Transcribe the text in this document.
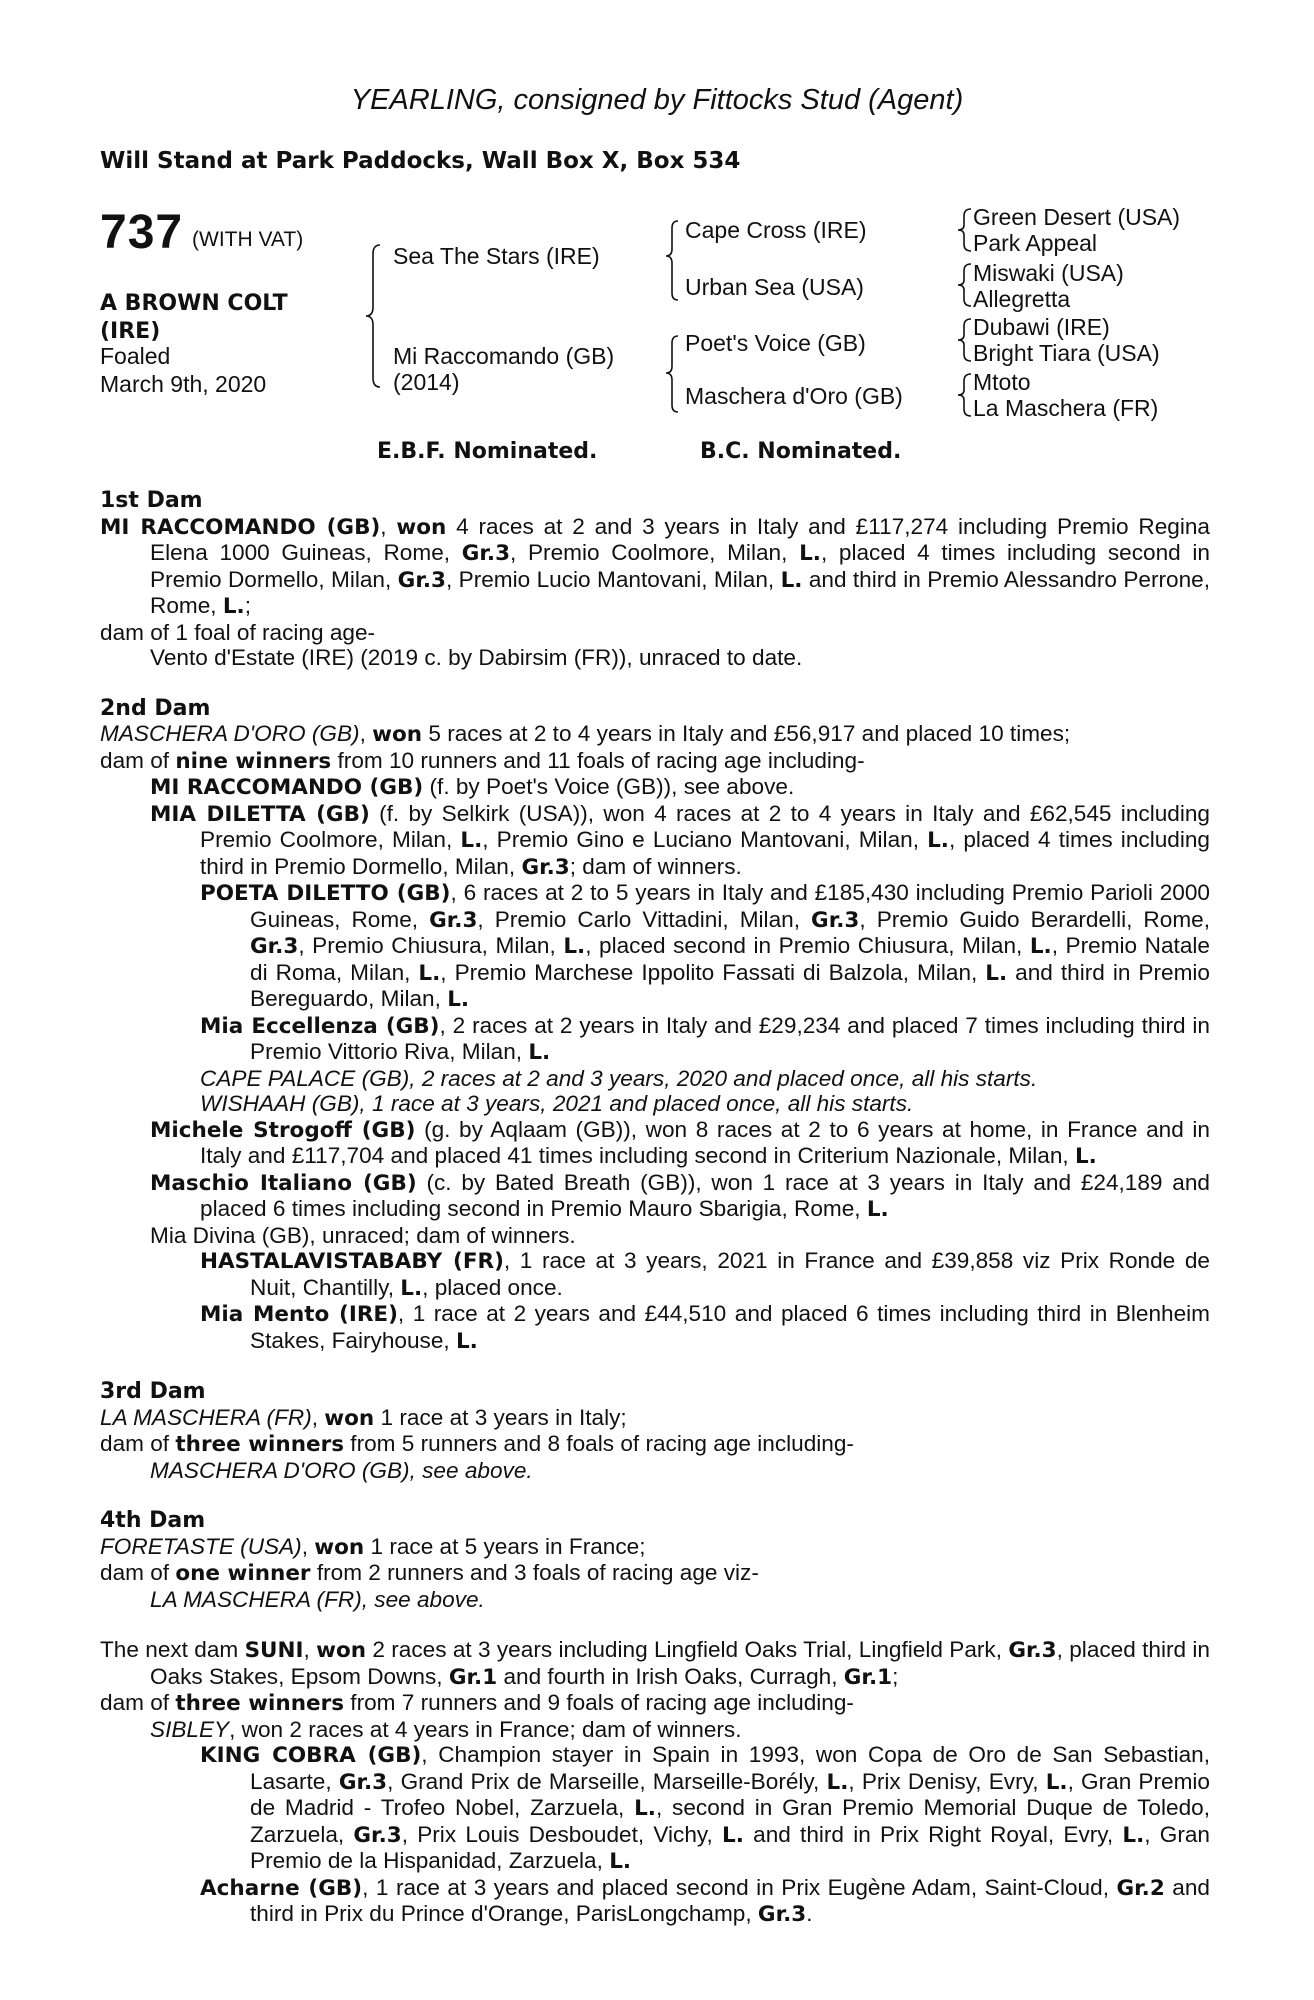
YEARLING, consigned by Fittocks Stud (Agent)
Will Stand at Park Paddocks, Wall Box X, Box 534
737 (WITH VAT)
A BROWN COLT
(IRE)
Foaled
March 9th, 2020
Sea The Stars (IRE)
Mi Raccomando (GB)
(2014)
Cape Cross (IRE)
Urban Sea (USA)
Poet's Voice (GB)
Maschera d'Oro (GB)
Green Desert (USA)
Park Appeal
Miswaki (USA)
Allegretta
Dubawi (IRE)
Bright Tiara (USA)
Mtoto
La Maschera (FR)
E.B.F. Nominated.	B.C. Nominated.
1st Dam
MI RACCOMANDO (GB), won 4 races at 2 and 3 years in Italy and £117,274 including Premio Regina Elena 1000 Guineas, Rome, Gr.3, Premio Coolmore, Milan, L., placed 4 times including second in Premio Dormello, Milan, Gr.3, Premio Lucio Mantovani, Milan, L. and third in Premio Alessandro Perrone, Rome, L.;
dam of 1 foal of racing age-
Vento d'Estate (IRE) (2019 c. by Dabirsim (FR)), unraced to date.
2nd Dam
MASCHERA D'ORO (GB), won 5 races at 2 to 4 years in Italy and £56,917 and placed 10 times;
dam of nine winners from 10 runners and 11 foals of racing age including-
MI RACCOMANDO (GB) (f. by Poet's Voice (GB)), see above.
MIA DILETTA (GB) (f. by Selkirk (USA)), won 4 races at 2 to 4 years in Italy and £62,545 including Premio Coolmore, Milan, L., Premio Gino e Luciano Mantovani, Milan, L., placed 4 times including third in Premio Dormello, Milan, Gr.3; dam of winners.
POETA DILETTO (GB), 6 races at 2 to 5 years in Italy and £185,430 including Premio Parioli 2000 Guineas, Rome, Gr.3, Premio Carlo Vittadini, Milan, Gr.3, Premio Guido Berardelli, Rome, Gr.3, Premio Chiusura, Milan, L., placed second in Premio Chiusura, Milan, L., Premio Natale di Roma, Milan, L., Premio Marchese Ippolito Fassati di Balzola, Milan, L. and third in Premio Bereguardo, Milan, L.
Mia Eccellenza (GB), 2 races at 2 years in Italy and £29,234 and placed 7 times including third in Premio Vittorio Riva, Milan, L.
CAPE PALACE (GB), 2 races at 2 and 3 years, 2020 and placed once, all his starts.
WISHAAH (GB), 1 race at 3 years, 2021 and placed once, all his starts.
Michele Strogoff (GB) (g. by Aqlaam (GB)), won 8 races at 2 to 6 years at home, in France and in Italy and £117,704 and placed 41 times including second in Criterium Nazionale, Milan, L.
Maschio Italiano (GB) (c. by Bated Breath (GB)), won 1 race at 3 years in Italy and £24,189 and placed 6 times including second in Premio Mauro Sbarigia, Rome, L.
Mia Divina (GB), unraced; dam of winners.
HASTALAVISTABABY (FR), 1 race at 3 years, 2021 in France and £39,858 viz Prix Ronde de Nuit, Chantilly, L., placed once.
Mia Mento (IRE), 1 race at 2 years and £44,510 and placed 6 times including third in Blenheim Stakes, Fairyhouse, L.
3rd Dam
LA MASCHERA (FR), won 1 race at 3 years in Italy;
dam of three winners from 5 runners and 8 foals of racing age including-
MASCHERA D'ORO (GB), see above.
4th Dam
FORETASTE (USA), won 1 race at 5 years in France;
dam of one winner from 2 runners and 3 foals of racing age viz-
LA MASCHERA (FR), see above.
The next dam SUNI, won 2 races at 3 years including Lingfield Oaks Trial, Lingfield Park, Gr.3, placed third in Oaks Stakes, Epsom Downs, Gr.1 and fourth in Irish Oaks, Curragh, Gr.1;
dam of three winners from 7 runners and 9 foals of racing age including-
SIBLEY, won 2 races at 4 years in France; dam of winners.
KING COBRA (GB), Champion stayer in Spain in 1993, won Copa de Oro de San Sebastian, Lasarte, Gr.3, Grand Prix de Marseille, Marseille-Borély, L., Prix Denisy, Evry, L., Gran Premio de Madrid - Trofeo Nobel, Zarzuela, L., second in Gran Premio Memorial Duque de Toledo, Zarzuela, Gr.3, Prix Louis Desboudet, Vichy, L. and third in Prix Right Royal, Evry, L., Gran Premio de la Hispanidad, Zarzuela, L.
Acharne (GB), 1 race at 3 years and placed second in Prix Eugène Adam, Saint-Cloud, Gr.2 and third in Prix du Prince d'Orange, ParisLongchamp, Gr.3.
